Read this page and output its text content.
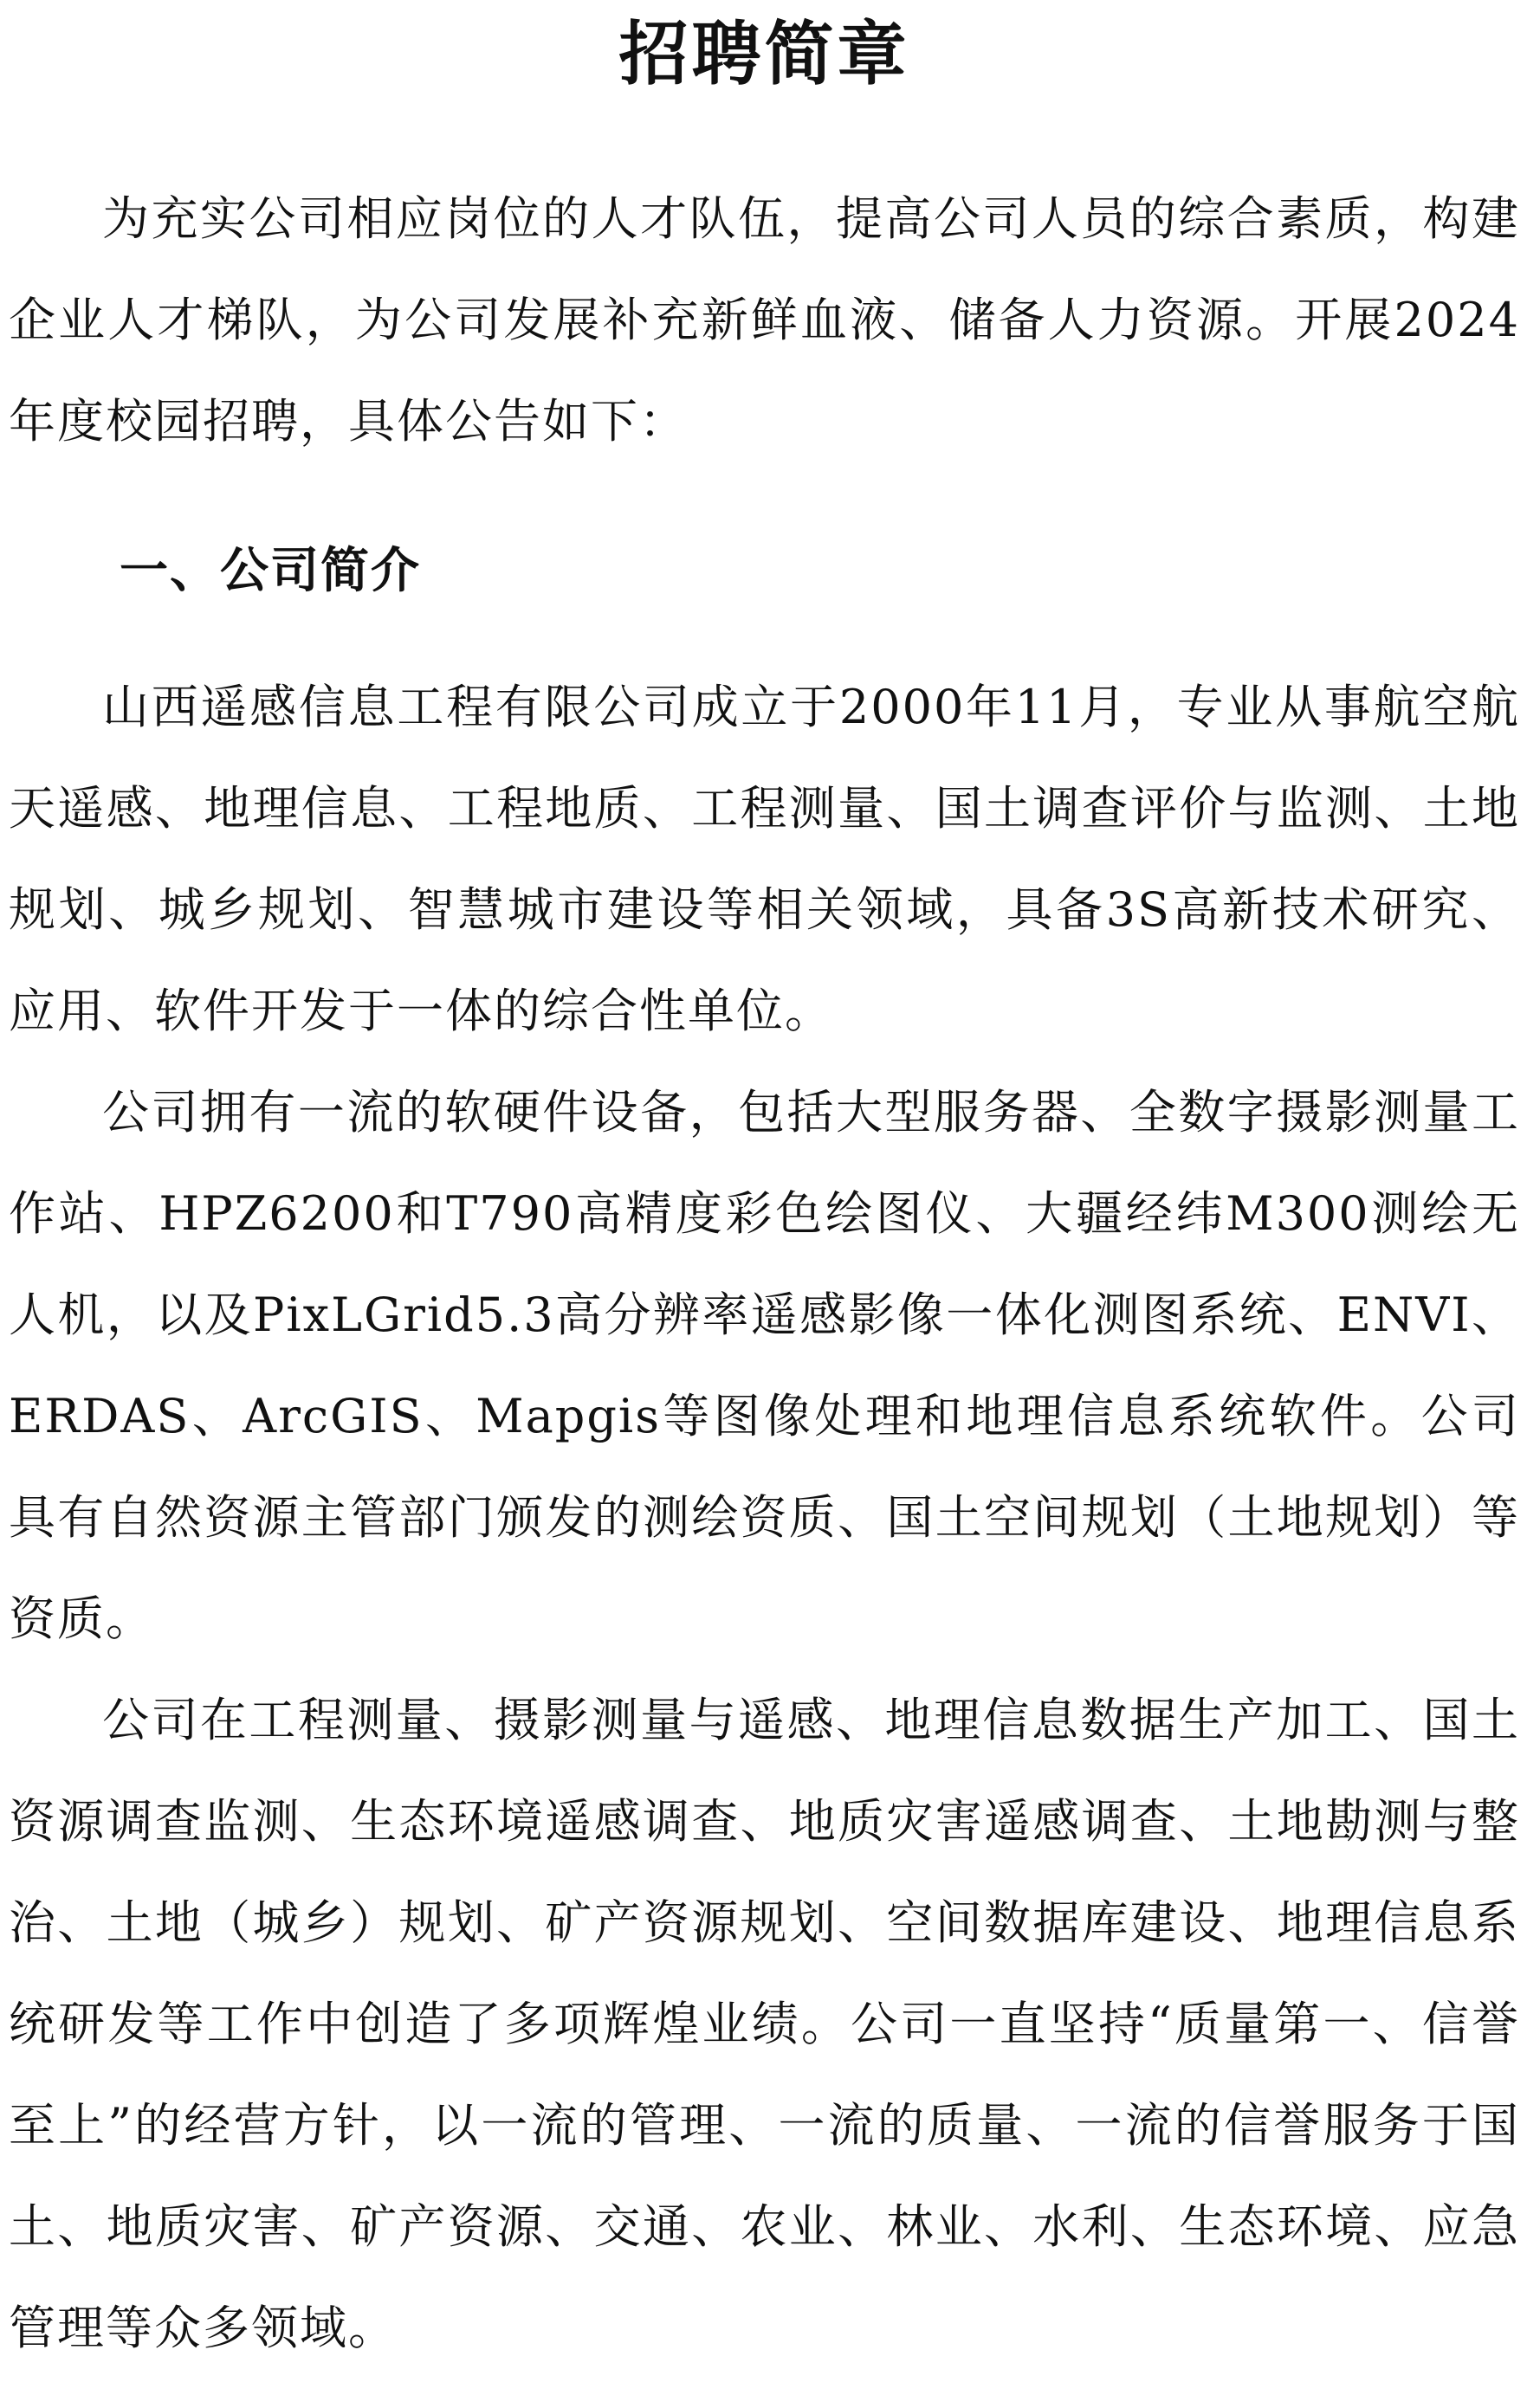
招聘简章

为充实公司相应岗位的人才队伍，提高公司人员的综合素质，构建企业人才梯队，为公司发展补充新鲜血液、储备人力资源。开展2024年度校园招聘，具体公告如下：

一、公司简介

山西遥感信息工程有限公司成立于2000年11月，专业从事航空航天遥感、地理信息、工程地质、工程测量、国土调查评价与监测、土地规划、城乡规划、智慧城市建设等相关领域，具备3S高新技术研究、应用、软件开发于一体的综合性单位。

公司拥有一流的软硬件设备，包括大型服务器、全数字摄影测量工作站、HPZ6200和T790高精度彩色绘图仪、大疆经纬M300测绘无人机，以及PixLGrid5.3高分辨率遥感影像一体化测图系统、ENVI、ERDAS、ArcGIS、Mapgis等图像处理和地理信息系统软件。公司具有自然资源主管部门颁发的测绘资质、国土空间规划（土地规划）等资质。

公司在工程测量、摄影测量与遥感、地理信息数据生产加工、国土资源调查监测、生态环境遥感调查、地质灾害遥感调查、土地勘测与整治、土地（城乡）规划、矿产资源规划、空间数据库建设、地理信息系统研发等工作中创造了多项辉煌业绩。公司一直坚持“质量第一、信誉至上”的经营方针，以一流的管理、一流的质量、一流的信誉服务于国土、地质灾害、矿产资源、交通、农业、林业、水利、生态环境、应急管理等众多领域。
